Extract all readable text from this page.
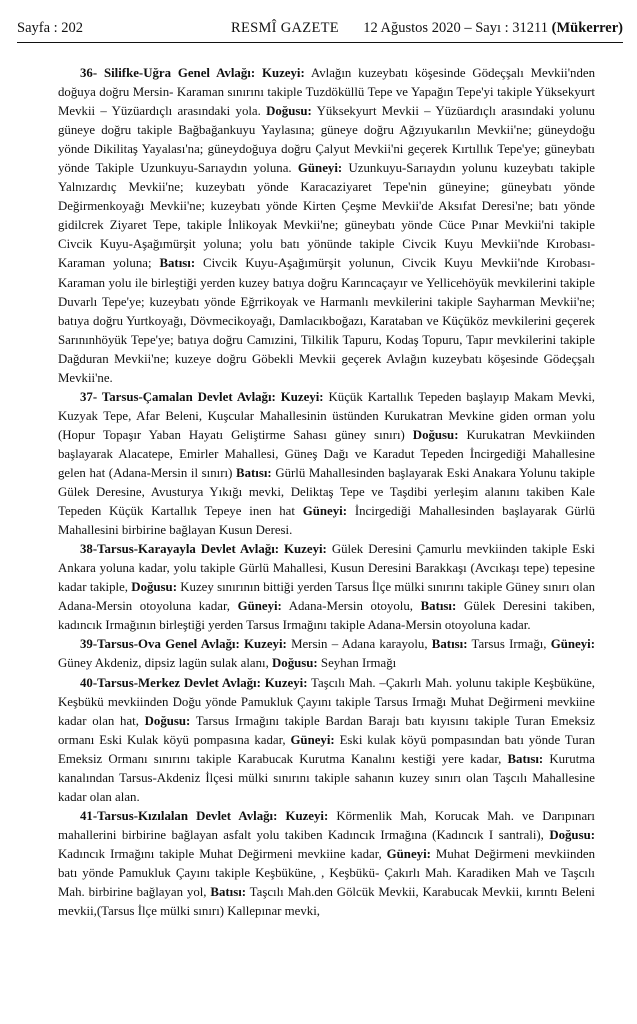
Sayfa : 202	RESMÎ GAZETE 12 Ağustos 2020 – Sayı : 31211 (Mükerrer)

36- Silifke-Uğra Genel Avlağı: Kuzeyi: Avlağın kuzeybatı köşesinde Gödeçşalı Mevkii'nden doğuya doğru Mersin- Karaman sınırını takiple Tuzdöküllü Tepe ve Yapağın Tepe'yi takiple Yüksekyurt Mevkii – Yüzüardıçlı arasındaki yola. Doğusu: Yüksekyurt Mevkii – Yüzüardıçlı arasındaki yolunu güneye doğru takiple Bağbağankuyu Yaylasına; güneye doğru Ağzıyukarılın Mevkii'ne; güneydoğu yönde Dikilitaş Yayalası'na; güneydoğuya doğru Çalyut Mevkii'ni geçerek Kırtıllık Tepe'ye; güneybatı yönde Takiple Uzunkuyu-Sarıaydın yoluna. Güneyi: Uzunkuyu-Sarıaydın yolunu kuzeybatı takiple Yalnızardıç Mevkii'ne; kuzeybatı yönde Karacaziyaret Tepe'nin güneyine; güneybatı yönde Değirmenkoyağı Mevkii'ne; kuzeybatı yönde Kirten Çeşme Mevkii'de Aksıfat Deresi'ne; batı yönde gidilcrek Ziyaret Tepe, takiple İnlikoyak Mevkii'ne; güneybatı yönde Cüce Pınar Mevkii'ni takiple Civcik Kuyu-Aşağımürşit yoluna; yolu batı yönünde takiple Civcik Kuyu Mevkii'nde Kırobası-Karaman yoluna; Batısı: Civcik Kuyu-Aşağımürşit yolunun, Civcik Kuyu Mevkii'nde Kırobası-Karaman yolu ile birleştiği yerden kuzey batıya doğru Karıncaçayır ve Yellicehöyük mevkilerini takiple Duvarlı Tepe'ye; kuzeybatı yönde Eğrrikoyak ve Harmanlı mevkilerini takiple Sayharman Mevkii'ne; batıya doğru Yurtkoyağı, Dövmecikoyağı, Damlacıkboğazı, Karataban ve Küçüköz mevkilerini geçerek Sarınınhöyük Tepe'ye; batıya doğru Camızini, Tilkilik Tapuru, Kodaş Topuru, Tapır mevkilerini takiple Dağduran Mevkii'ne; kuzeye doğru Göbekli Mevkii geçerek Avlağın kuzeybatı köşesinde Gödeçşalı Mevkii'ne.

37- Tarsus-Çamalan Devlet Avlağı: Kuzeyi: Küçük Kartallık Tepeden başlayıp Makam Mevki, Kuzyak Tepe, Afar Beleni, Kuşcular Mahallesinin üstünden Kurukatran Mevkine giden orman yolu (Hopur Topaşır Yaban Hayatı Geliştirme Sahası güney sınırı) Doğusu: Kurukatran Mevkiinden başlayarak Alacatepe, Emirler Mahallesi, Güneş Dağı ve Karadut Tepeden İncirgediği Mahallesine gelen hat (Adana-Mersin il sınırı) Batısı: Gürlü Mahallesinden başlayarak Eski Anakara Yolunu takiple Gülek Deresine, Avusturya Yıkığı mevki, Deliktaş Tepe ve Taşdibi yerleşim alanını takiben Kale Tepeden Küçük Kartallık Tepeye inen hat Güneyi: İncirgediği Mahallesinden başlayarak Gürlü Mahallesini birbirine bağlayan Kusun Deresi.

38-Tarsus-Karayayla Devlet Avlağı: Kuzeyi: Gülek Deresini Çamurlu mevkiinden takiple Eski Ankara yoluna kadar, yolu takiple Gürlü Mahallesi, Kusun Deresini Barakkaşı (Avcıkaşı tepe) tepesine kadar takiple, Doğusu: Kuzey sınırının bittiği yerden Tarsus İlçe mülki sınırını takiple Güney sınırı olan Adana-Mersin otoyoluna kadar, Güneyi: Adana-Mersin otoyolu, Batısı: Gülek Deresini takiben, kadıncık Irmağının birleştiği yerden Tarsus Irmağını takiple Adana-Mersin otoyoluna kadar.

39-Tarsus-Ova Genel Avlağı: Kuzeyi: Mersin – Adana karayolu, Batısı: Tarsus Irmağı, Güneyi: Güney Akdeniz, dipsiz lagün sulak alanı, Doğusu: Seyhan Irmağı

40-Tarsus-Merkez Devlet Avlağı: Kuzeyi: Taşcılı Mah. –Çakırlı Mah. yolunu takiple Keşbüküne, Keşbükü mevkiinden Doğu yönde Pamukluk Çayını takiple Tarsus Irmağı Muhat Değirmeni mevkiine kadar olan hat, Doğusu: Tarsus Irmağını takiple Bardan Barajı batı kıyısını takiple Turan Emeksiz ormanı Eski Kulak köyü pompasına kadar, Güneyi: Eski kulak köyü pompasından batı yönde Turan Emeksiz Ormanı sınırını takiple Karabucak Kurutma Kanalını kestiği yere kadar, Batısı: Kurutma kanalından Tarsus-Akdeniz İlçesi mülki sınırını takiple sahanın kuzey sınırı olan Taşcılı Mahallesine kadar olan alan.

41-Tarsus-Kızılalan Devlet Avlağı: Kuzeyi: Körmenlik Mah, Korucak Mah. ve Darıpınarı mahallerini birbirine bağlayan asfalt yolu takiben Kadıncık Irmağına (Kadıncık I santrali), Doğusu: Kadıncık Irmağını takiple Muhat Değirmeni mevkiine kadar, Güneyi: Muhat Değirmeni mevkiinden batı yönde Pamukluk Çayını takiple Keşbüküne, , Keşbükü- Çakırlı Mah. Karadiken Mah ve Taşcılı Mah. birbirine bağlayan yol, Batısı: Taşcılı Mah.den Gölcük Mevkii, Karabucak Mevkii, kırıntı Beleni mevkii,(Tarsus İlçe mülki sınırı) Kallepınar mevki,
